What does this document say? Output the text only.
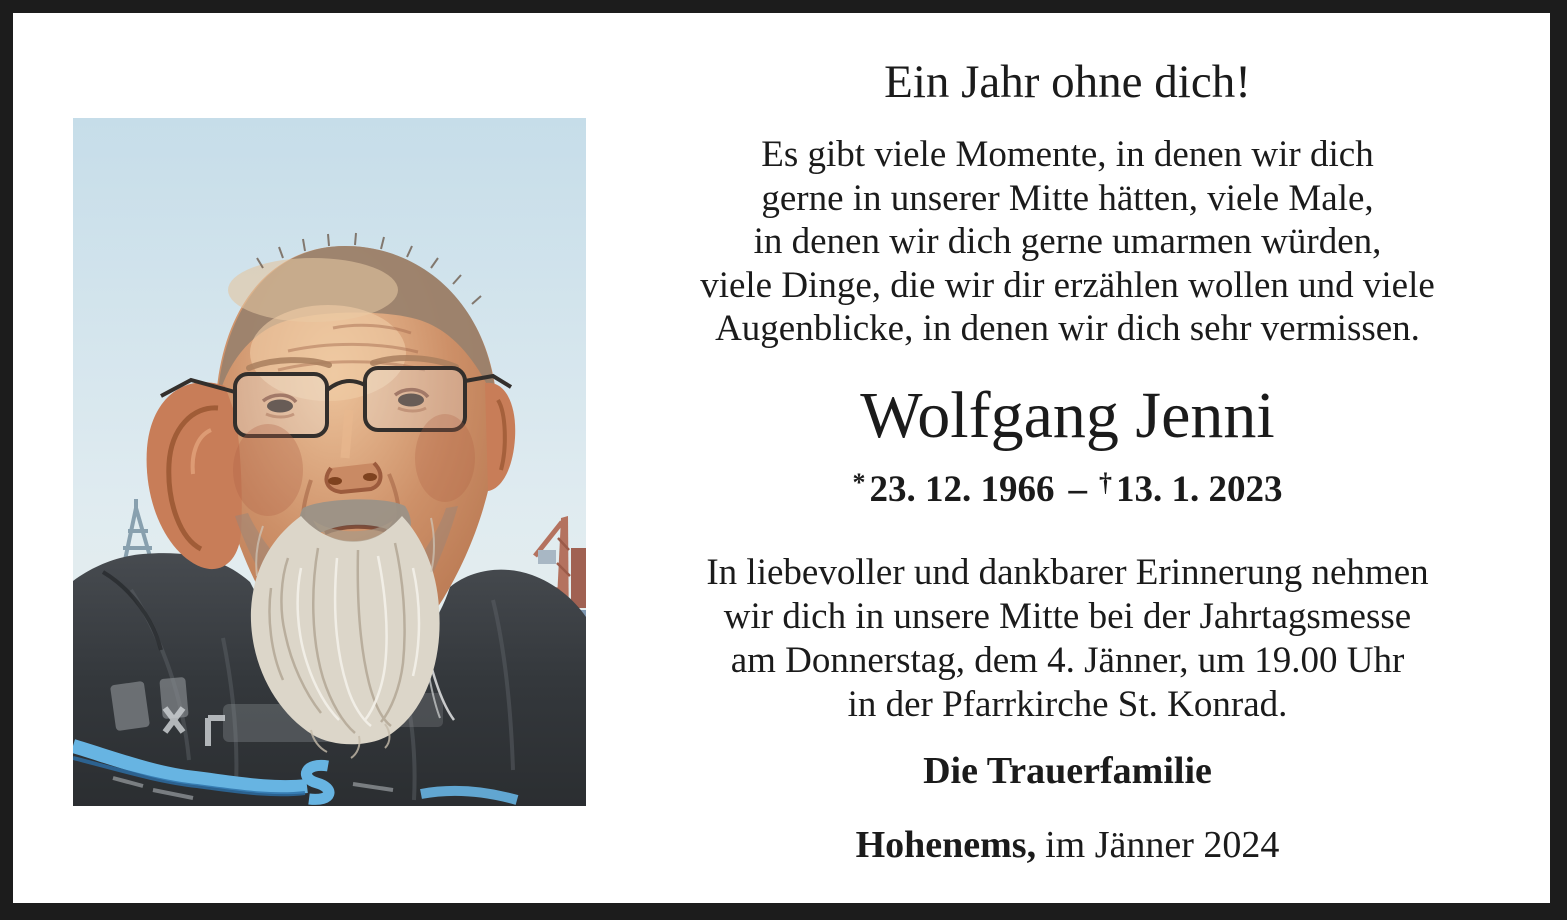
Ein Jahr ohne dich!
Es gibt viele Momente, in denen wir dich
gerne in unserer Mitte hätten, viele Male,
in denen wir dich gerne umarmen würden,
viele Dinge, die wir dir erzählen wollen und viele
Augenblicke, in denen wir dich sehr vermissen.
Wolfgang Jenni
* 23. 12. 1966 – † 13. 1. 2023
In liebevoller und dankbarer Erinnerung nehmen
wir dich in unsere Mitte bei der Jahrtagsmesse
am Donnerstag, dem 4. Jänner, um 19.00 Uhr
in der Pfarrkirche St. Konrad.
Die Trauerfamilie
Hohenems, im Jänner 2024
